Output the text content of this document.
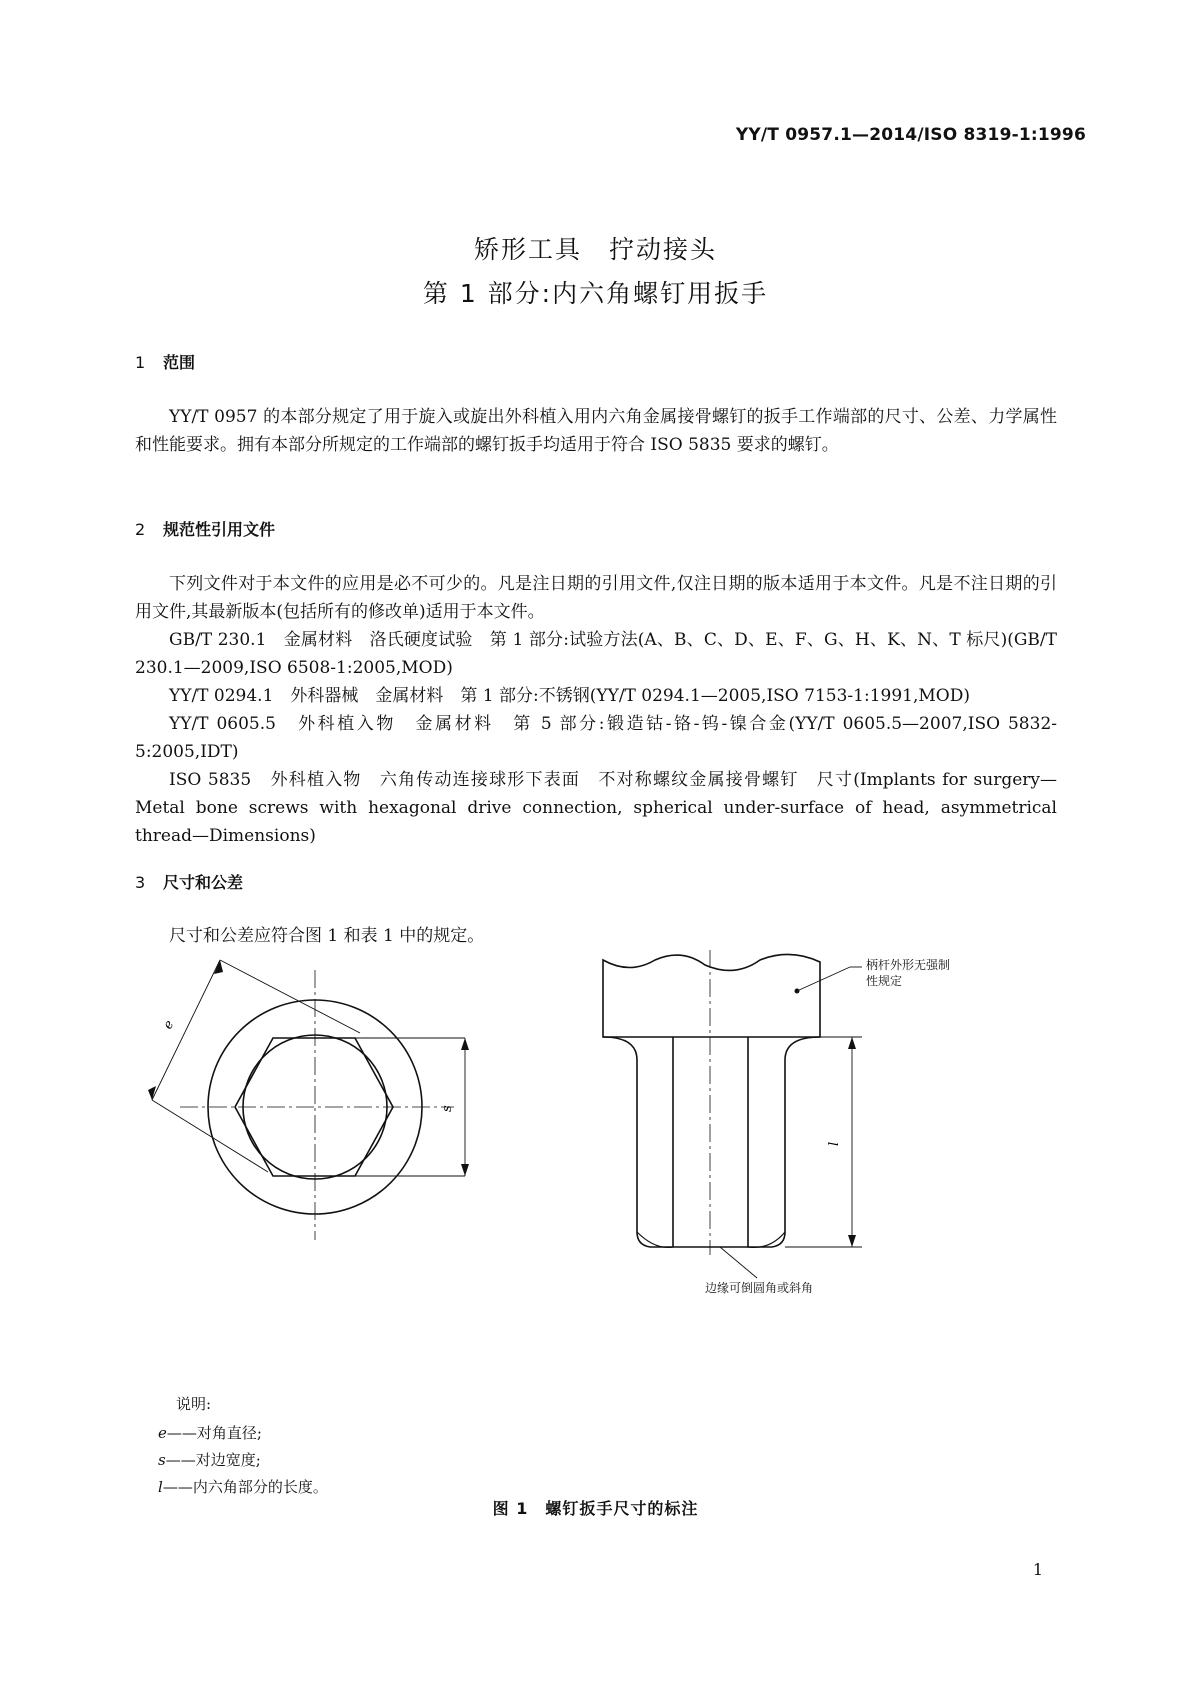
YY/T 0957.1—2014/ISO 8319-1:1996
矫形工具　拧动接头
第 1 部分:内六角螺钉用扳手
1 范围
YY/T 0957 的本部分规定了用于旋入或旋出外科植入用内六角金属接骨螺钉的扳手工作端部的尺寸、公差、力学属性和性能要求。拥有本部分所规定的工作端部的螺钉扳手均适用于符合 ISO 5835 要求的螺钉。
2 规范性引用文件
下列文件对于本文件的应用是必不可少的。凡是注日期的引用文件,仅注日期的版本适用于本文件。凡是不注日期的引用文件,其最新版本(包括所有的修改单)适用于本文件。
GB/T 230.1　金属材料　洛氏硬度试验　第 1 部分:试验方法(A、B、C、D、E、F、G、H、K、N、T 标尺)(GB/T 230.1—2009,ISO 6508-1:2005,MOD)
YY/T 0294.1　外科器械　金属材料　第 1 部分:不锈钢(YY/T 0294.1—2005,ISO 7153-1:1991,MOD)
YY/T 0605.5　外科植入物　金属材料　第 5 部分:锻造钴-铬-钨-镍合金(YY/T 0605.5—2007,ISO 5832-5:2005,IDT)
ISO 5835　外科植入物　六角传动连接球形下表面　不对称螺纹金属接骨螺钉　尺寸(Implants for surgery—Metal bone screws with hexagonal drive connection, spherical under-surface of head, asymmetrical thread—Dimensions)
3 尺寸和公差
尺寸和公差应符合图 1 和表 1 中的规定。
e
s
l
柄杆外形无强制
性规定
边缘可倒圆角或斜角
说明:
e——对角直径;
s——对边宽度;
l——内六角部分的长度。
图 1　螺钉扳手尺寸的标注
1
